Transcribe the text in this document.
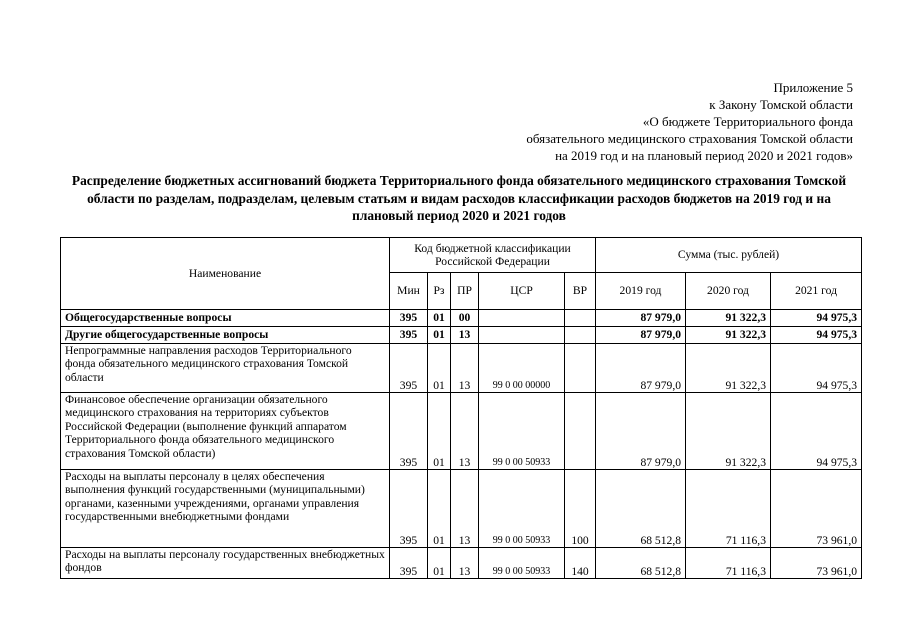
Приложение 5
к Закону Томской области
«О бюджете Территориального фонда
обязательного медицинского страхования Томской области
на 2019 год и на плановый период 2020 и 2021 годов»
Распределение бюджетных ассигнований бюджета Территориального фонда обязательного медицинского страхования Томской области по разделам, подразделам, целевым статьям и видам расходов классификации расходов бюджетов на 2019 год и на плановый период 2020 и 2021 годов
Наименование	Код бюджетной классификации Российской Федерации					Сумма (тыс. рублей)		
	Мин	Рз	ПР	ЦСР	ВР	2019 год	2020 год	2021 год
Общегосударственные вопросы	395	01	00			87 979,0	91 322,3	94 975,3
Другие общегосударственные вопросы	395	01	13			87 979,0	91 322,3	94 975,3
Непрограммные направления расходов Территориального фонда обязательного медицинского страхования Томской области	395	01	13	99 0 00 00000		87 979,0	91 322,3	94 975,3
Финансовое обеспечение организации обязательного медицинского страхования на территориях субъектов Российской Федерации (выполнение функций аппаратом Территориального фонда обязательного медицинского страхования Томской области)	395	01	13	99 0 00 50933		87 979,0	91 322,3	94 975,3
Расходы на выплаты персоналу в целях обеспечения выполнения функций государственными (муниципальными) органами, казенными учреждениями, органами управления государственными внебюджетными фондами	395	01	13	99 0 00 50933	100	68 512,8	71 116,3	73 961,0
Расходы на выплаты персоналу государственных внебюджетных фондов	395	01	13	99 0 00 50933	140	68 512,8	71 116,3	73 961,0
